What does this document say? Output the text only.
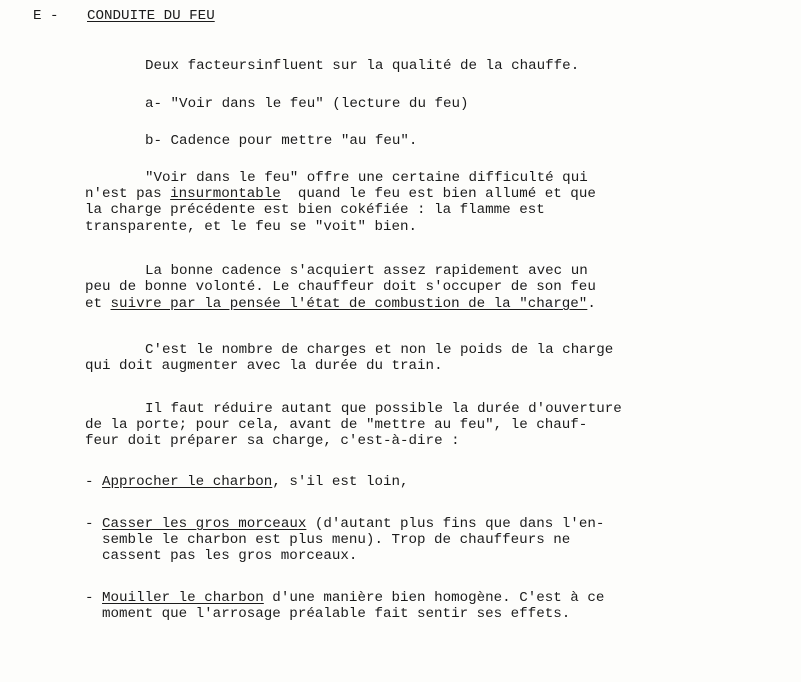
E - CONDUITE DU FEU
Deux facteursinfluent sur la qualité de la chauffe.
a- "Voir dans le feu" (lecture du feu)
b- Cadence pour mettre "au feu".
"Voir dans le feu" offre une certaine difficulté qui
n'est pas insurmontable  quand le feu est bien allumé et que
la charge précédente est bien cokéfiée : la flamme est
transparente, et le feu se "voit" bien.
La bonne cadence s'acquiert assez rapidement avec un
peu de bonne volonté. Le chauffeur doit s'occuper de son feu
et suivre par la pensée l'état de combustion de la "charge".
C'est le nombre de charges et non le poids de la charge
qui doit augmenter avec la durée du train.
Il faut réduire autant que possible la durée d'ouverture
de la porte; pour cela, avant de "mettre au feu", le chauf-
feur doit préparer sa charge, c'est-à-dire :
- Approcher le charbon, s'il est loin,
- Casser les gros morceaux (d'autant plus fins que dans l'en-
semble le charbon est plus menu). Trop de chauffeurs ne
cassent pas les gros morceaux.
- Mouiller le charbon d'une manière bien homogène. C'est à ce
moment que l'arrosage préalable fait sentir ses effets.
